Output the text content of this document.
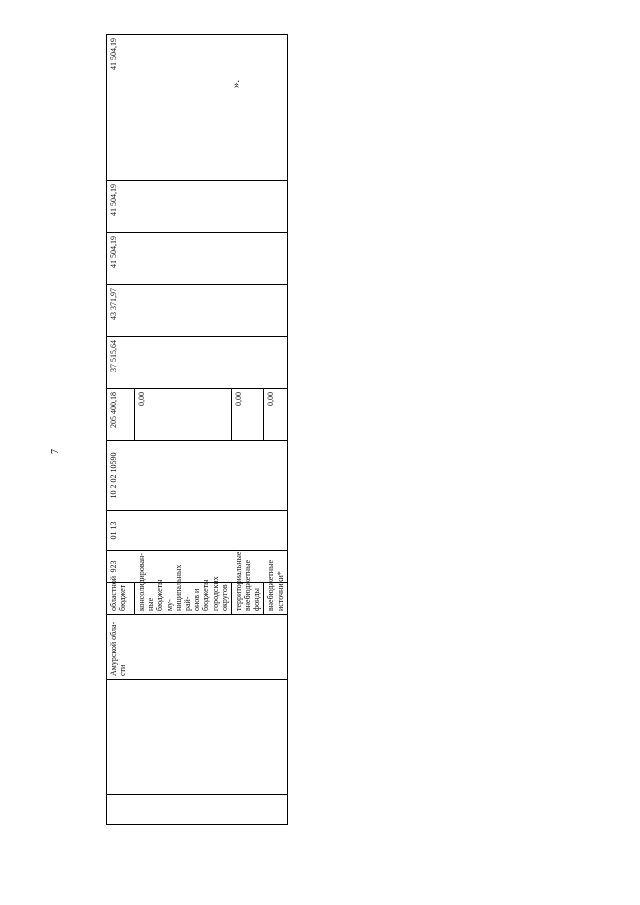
7
».
		Амурской обла-сти	областной бюджет	923	01 13	10 2 02 10590	205 400,18	37 515,64	43 371,97	41 504,19	41 504,19	41 504,19
			консолидирован-ные бюджеты му-ниципальных рай-онов и бюджеты городских округов				0,00					
			территориальные внебюджетные фонды				0,00					
			внебюджетные источники*				0,00					
